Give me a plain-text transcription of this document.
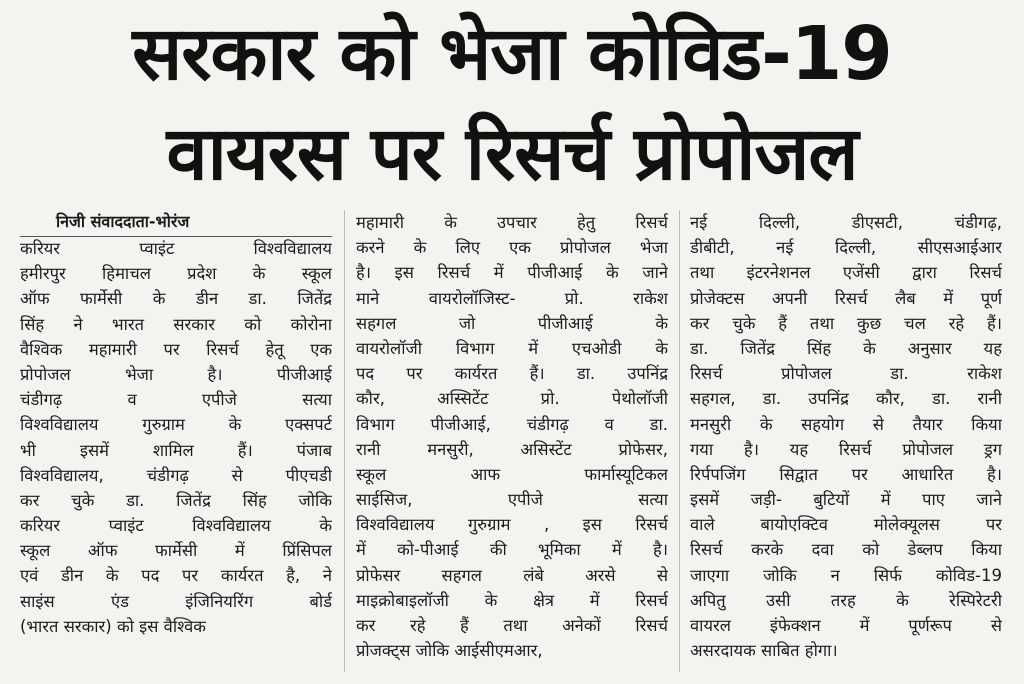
सरकार को भेजा कोविड-19
वायरस पर रिसर्च प्रोपोजल
निजी संवाददाता-भोरंज
करियर प्वाइंट विश्वविद्यालय
हमीरपुर हिमाचल प्रदेश के स्कूल
ऑफ फार्मेसी के डीन डा. जितेंद्र
सिंह ने भारत सरकार को कोरोना
वैश्विक महामारी पर रिसर्च हेतू एक
प्रोपोजल भेजा है। पीजीआई
चंडीगढ़ व एपीजे सत्या
विश्वविद्यालय गुरुग्राम के एक्सपर्ट
भी इसमें शामिल हैं। पंजाब
विश्वविद्यालय, चंडीगढ़ से पीएचडी
कर चुके डा. जितेंद्र सिंह जोकि
करियर प्वाइंट विश्वविद्यालय के
स्कूल ऑफ फार्मेसी में प्रिंसिपल
एवं डीन के पद पर कार्यरत है, ने
साइंस एंड इंजिनियरिंग बोर्ड
(भारत सरकार) को इस वैश्विक
महामारी के उपचार हेतु रिसर्च
करने के लिए एक प्रोपोजल भेजा
है। इस रिसर्च में पीजीआई के जाने
माने वायरोलॉजिस्ट- प्रो. राकेश
सहगल जो पीजीआई के
वायरोलॉजी विभाग में एचओडी के
पद पर कार्यरत हैं। डा. उपनिंद्र
कौर, अस्सिटेंट प्रो. पेथोलॉजी
विभाग पीजीआई, चंडीगढ़ व डा.
रानी मनसुरी, असिस्टेंट प्रोफेसर,
स्कूल आफ फार्मास्यूटिकल
साईसिज, एपीजे सत्या
विश्वविद्यालय गुरुग्राम , इस रिसर्च
में को-पीआई की भूमिका में है।
प्रोफेसर सहगल लंबे अरसे से
माइक्रोबाइलॉजी के क्षेत्र में रिसर्च
कर रहे हैं तथा अनेकों रिसर्च
प्रोजक्ट्स जोकि आईसीएमआर,
नई दिल्ली, डीएसटी, चंडीगढ़,
डीबीटी, नई दिल्ली, सीएसआईआर
तथा इंटरनेशनल एजेंसी द्वारा रिसर्च
प्रोजेक्टस अपनी रिसर्च लैब में पूर्ण
कर चुके हैं तथा कुछ चल रहे हैं।
डा. जितेंद्र सिंह के अनुसार यह
रिसर्च प्रोपोजल डा. राकेश
सहगल, डा. उपनिंद्र कौर, डा. रानी
मनसुरी के सहयोग से तैयार किया
गया है। यह रिसर्च प्रोपोजल ड्रग
रिर्पपजिंग सिद्वात पर आधारित है।
इसमें जड़ी- बुटियों में पाए जाने
वाले बायोएक्टिव मोलेक्यूलस पर
रिसर्च करके दवा को डेब्लप किया
जाएगा जोकि न सिर्फ कोविड-19
अपितु उसी तरह के रेस्पिरेटरी
वायरल इंफेक्शन में पूर्णरूप से
असरदायक साबित होगा।
